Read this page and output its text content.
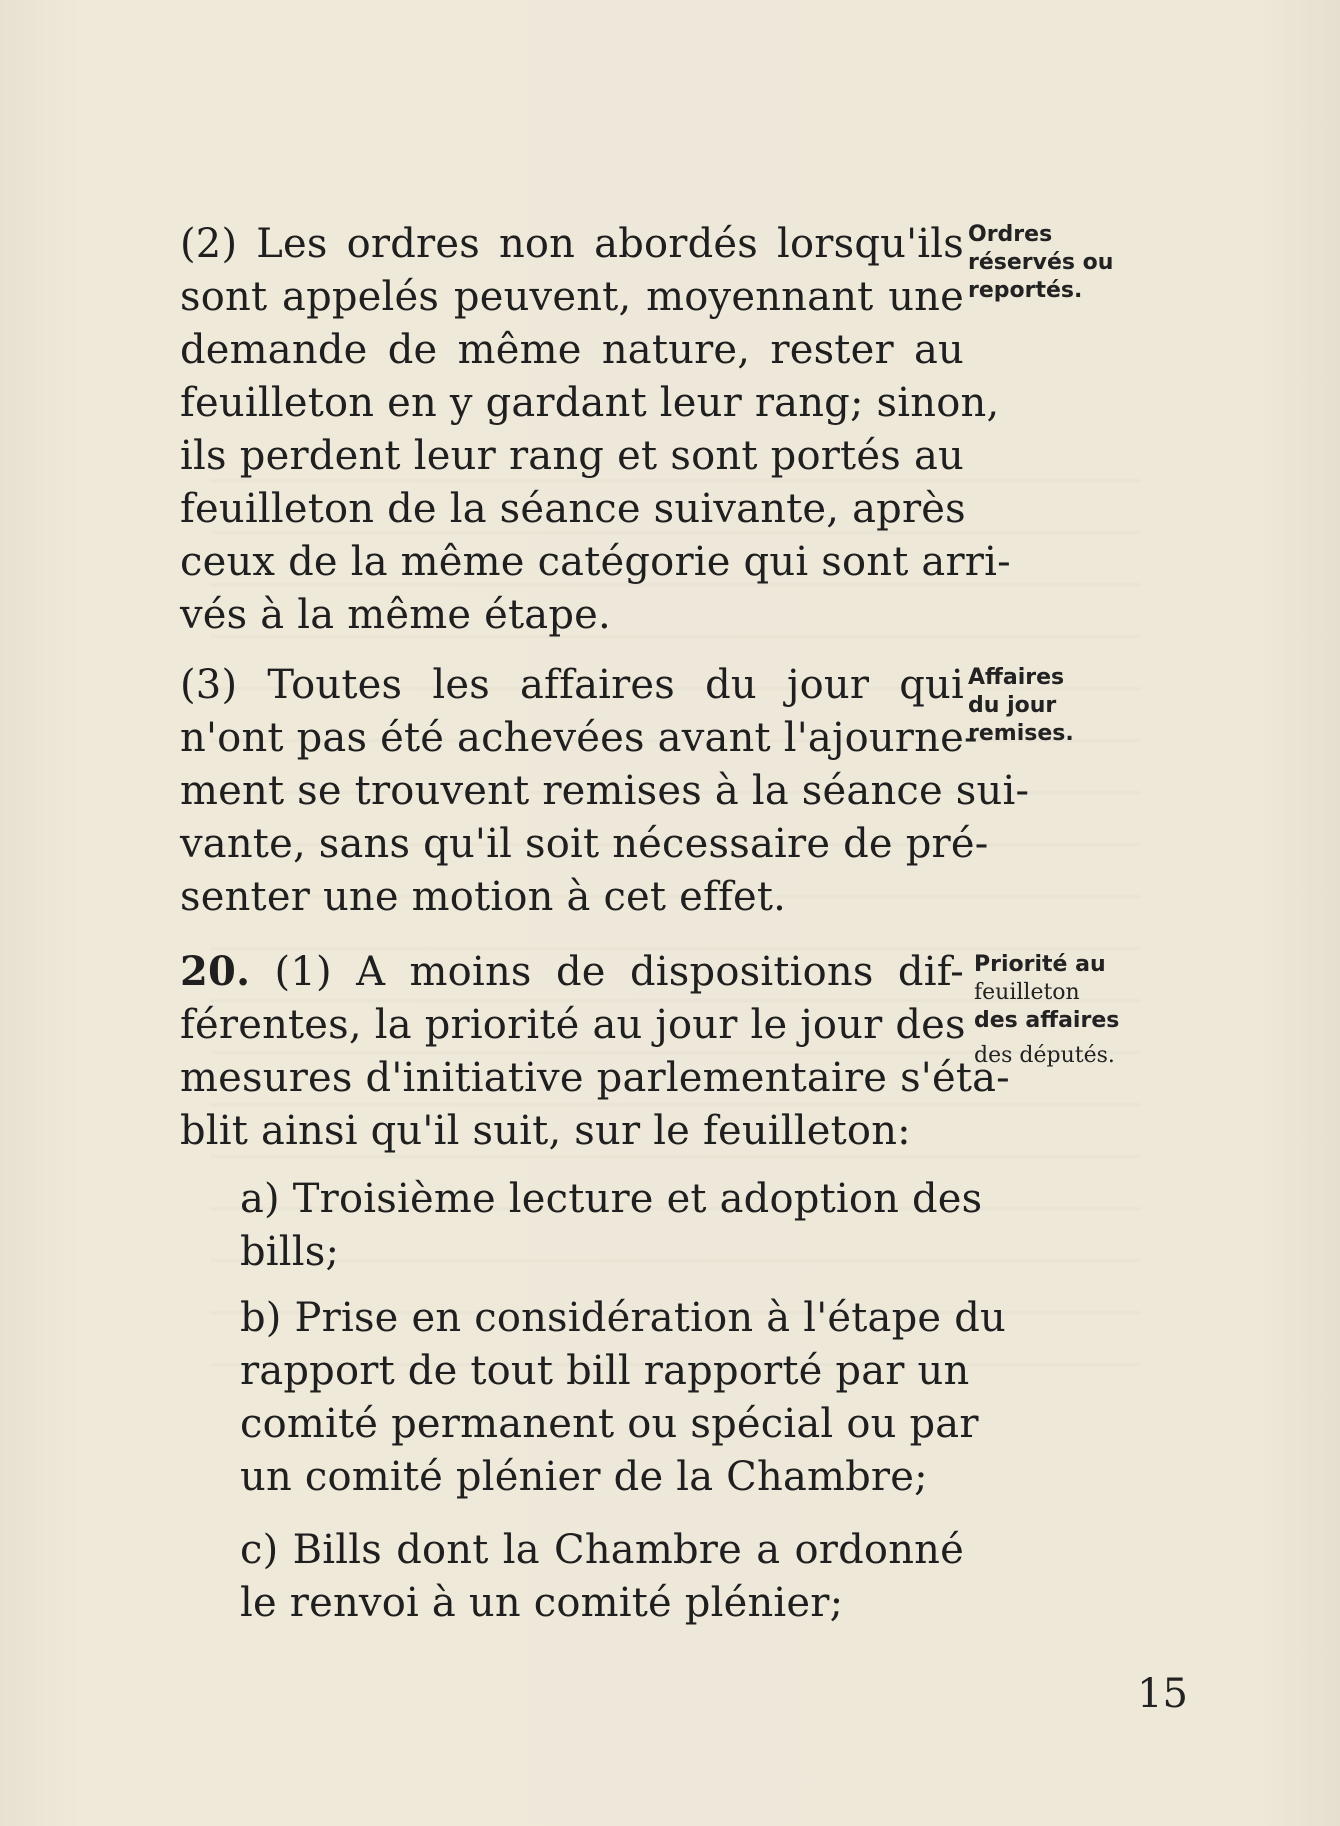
(2) Les ordres non abordés lorsqu'ils
sont appelés peuvent, moyennant une
demande de même nature, rester au
feuilleton en y gardant leur rang; sinon,
ils perdent leur rang et sont portés au
feuilleton de la séance suivante, après
ceux de la même catégorie qui sont arri-
vés à la même étape.
(3) Toutes les affaires du jour qui
n'ont pas été achevées avant l'ajourne-
ment se trouvent remises à la séance sui-
vante, sans qu'il soit nécessaire de pré-
senter une motion à cet effet.
20. (1) A moins de dispositions dif-
férentes, la priorité au jour le jour des
mesures d'initiative parlementaire s'éta-
blit ainsi qu'il suit, sur le feuilleton:
a) Troisième lecture et adoption des
bills;
b) Prise en considération à l'étape du
rapport de tout bill rapporté par un
comité permanent ou spécial ou par
un comité plénier de la Chambre;
c) Bills dont la Chambre a ordonné
le renvoi à un comité plénier;
Ordres
réservés ou
reportés.
Affaires
du jour
remises.
Priorité au
feuilleton
des affaires
des députés.
15
